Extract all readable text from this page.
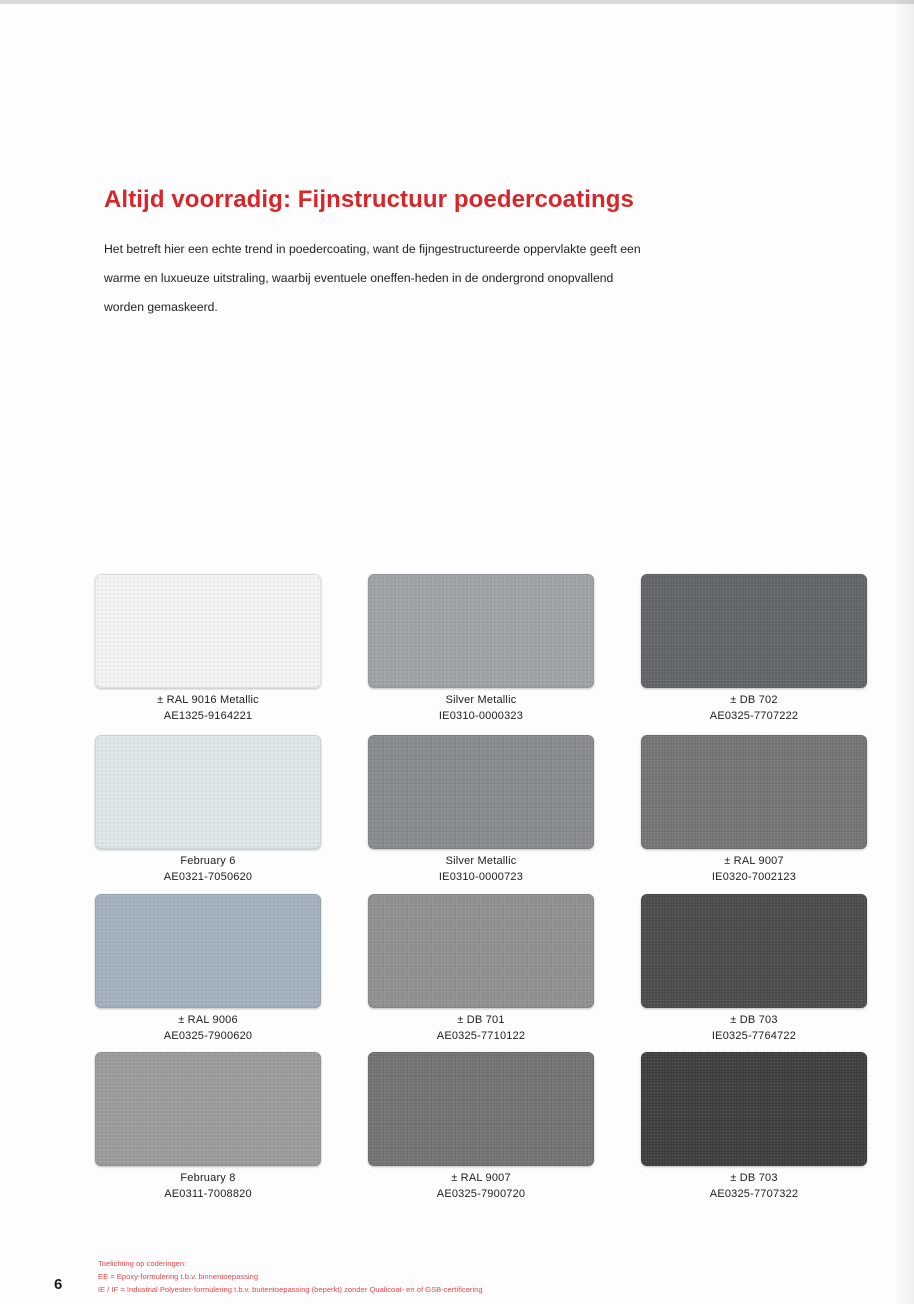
Altijd voorradig: Fijnstructuur poedercoatings

Het betreft hier een echte trend in poedercoating, want de fijngestructureerde oppervlakte geeft een warme en luxueuze uitstraling, waarbij eventuele oneffen-heden in de ondergrond onopvallend worden gemaskeerd.

± RAL 9016 Metallic
AE1325-9164221
Silver Metallic
IE0310-0000323
± DB 702
AE0325-7707222
February 6
AE0321-7050620
Silver Metallic
IE0310-0000723
± RAL 9007
IE0320-7002123
± RAL 9006
AE0325-7900620
± DB 701
AE0325-7710122
± DB 703
IE0325-7764722
February 8
AE0311-7008820
± RAL 9007
AE0325-7900720
± DB 703
AE0325-7707322
Toelichting op coderingen:
EE = Epoxy-formulering t.b.v. binnentoepassing
IE / IF = Industrial Polyester-formulering t.b.v. buitentoepassing (beperkt) zonder Qualicoat- en of GSB-certificering
6
